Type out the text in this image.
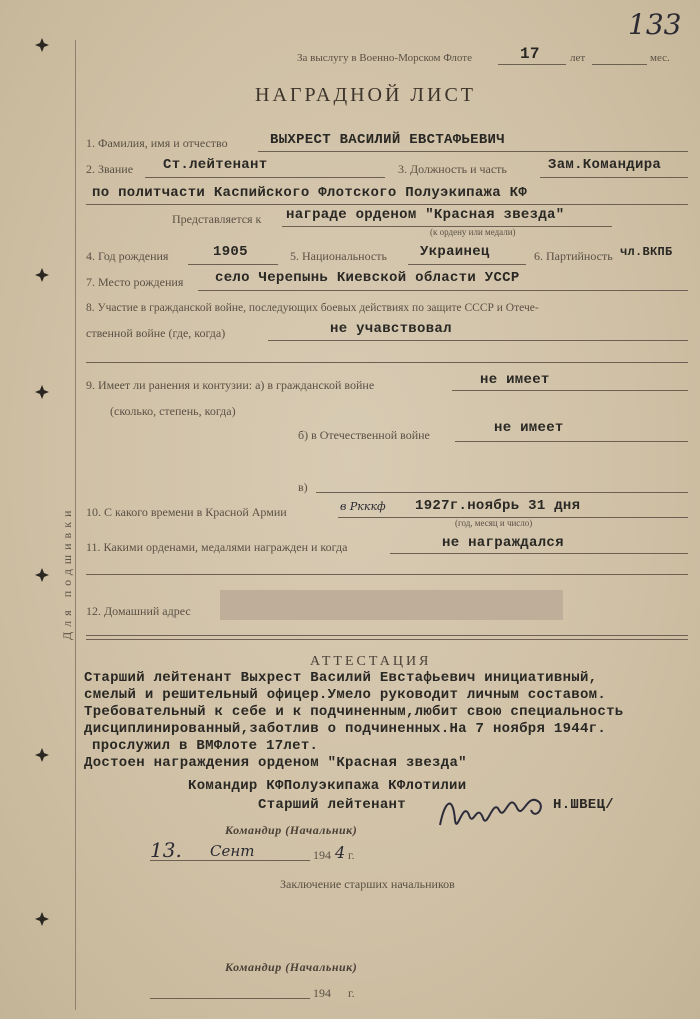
Для подшивки
133
За выслугу в Военно-Морском Флоте	17	лет	мес.
НАГРАДНОЙ ЛИСТ
1. Фамилия, имя и отчество	ВЫХРЕСТ ВАСИЛИЙ ЕВСТАФЬЕВИЧ
2. Звание Ст.лейтенант	3. Должность и часть	Зам.Командира
по политчасти Каспийского Флотского Полуэкипажа КФ
Представляется к награде орденом "Красная звезда"
(к ордену или медали)
4. Год рождения	1905	5. Национальность Украинец	6. Партийность чл.ВКПБ
7. Место рождения село Черепынь Киевской области УССР
8. Участие в гражданской войне, последующих боевых действиях по защите СССР и Отече-
ственной войне (где, когда)	не учавствовал
9. Имеет ли ранения и контузии: а) в гражданской войне	не имеет
(сколько, степень, когда)
б) в Отечественной войне	не имеет
в)
10. С какого времени в Красной Армии	в Ркккф 1927г.ноябрь 31 дня
(год, месяц и число)
11. Какими орденами, медалями награжден и когда	не награждался
12. Домашний адрес
АТТЕСТАЦИЯ
Старший лейтенант Выхрест Василий Евстафьевич инициативный,
смелый и решительный офицер.Умело руководит личным составом.
Требовательный к себе и к подчиненным,любит свою специальность
дисциплинированный,заботлив о подчиненных.На 7 ноября 1944г.
прослужил в ВМФлоте 17лет.
Достоен награждения орденом "Красная звезда"
Командир КФПолуэкипажа КФлотилии
Старший лейтенант	Н.ШВЕЦ/
Командир (Начальник)
13. Сент	194 4 г.
Заключение старших начальников
Командир (Начальник)
194 г.
